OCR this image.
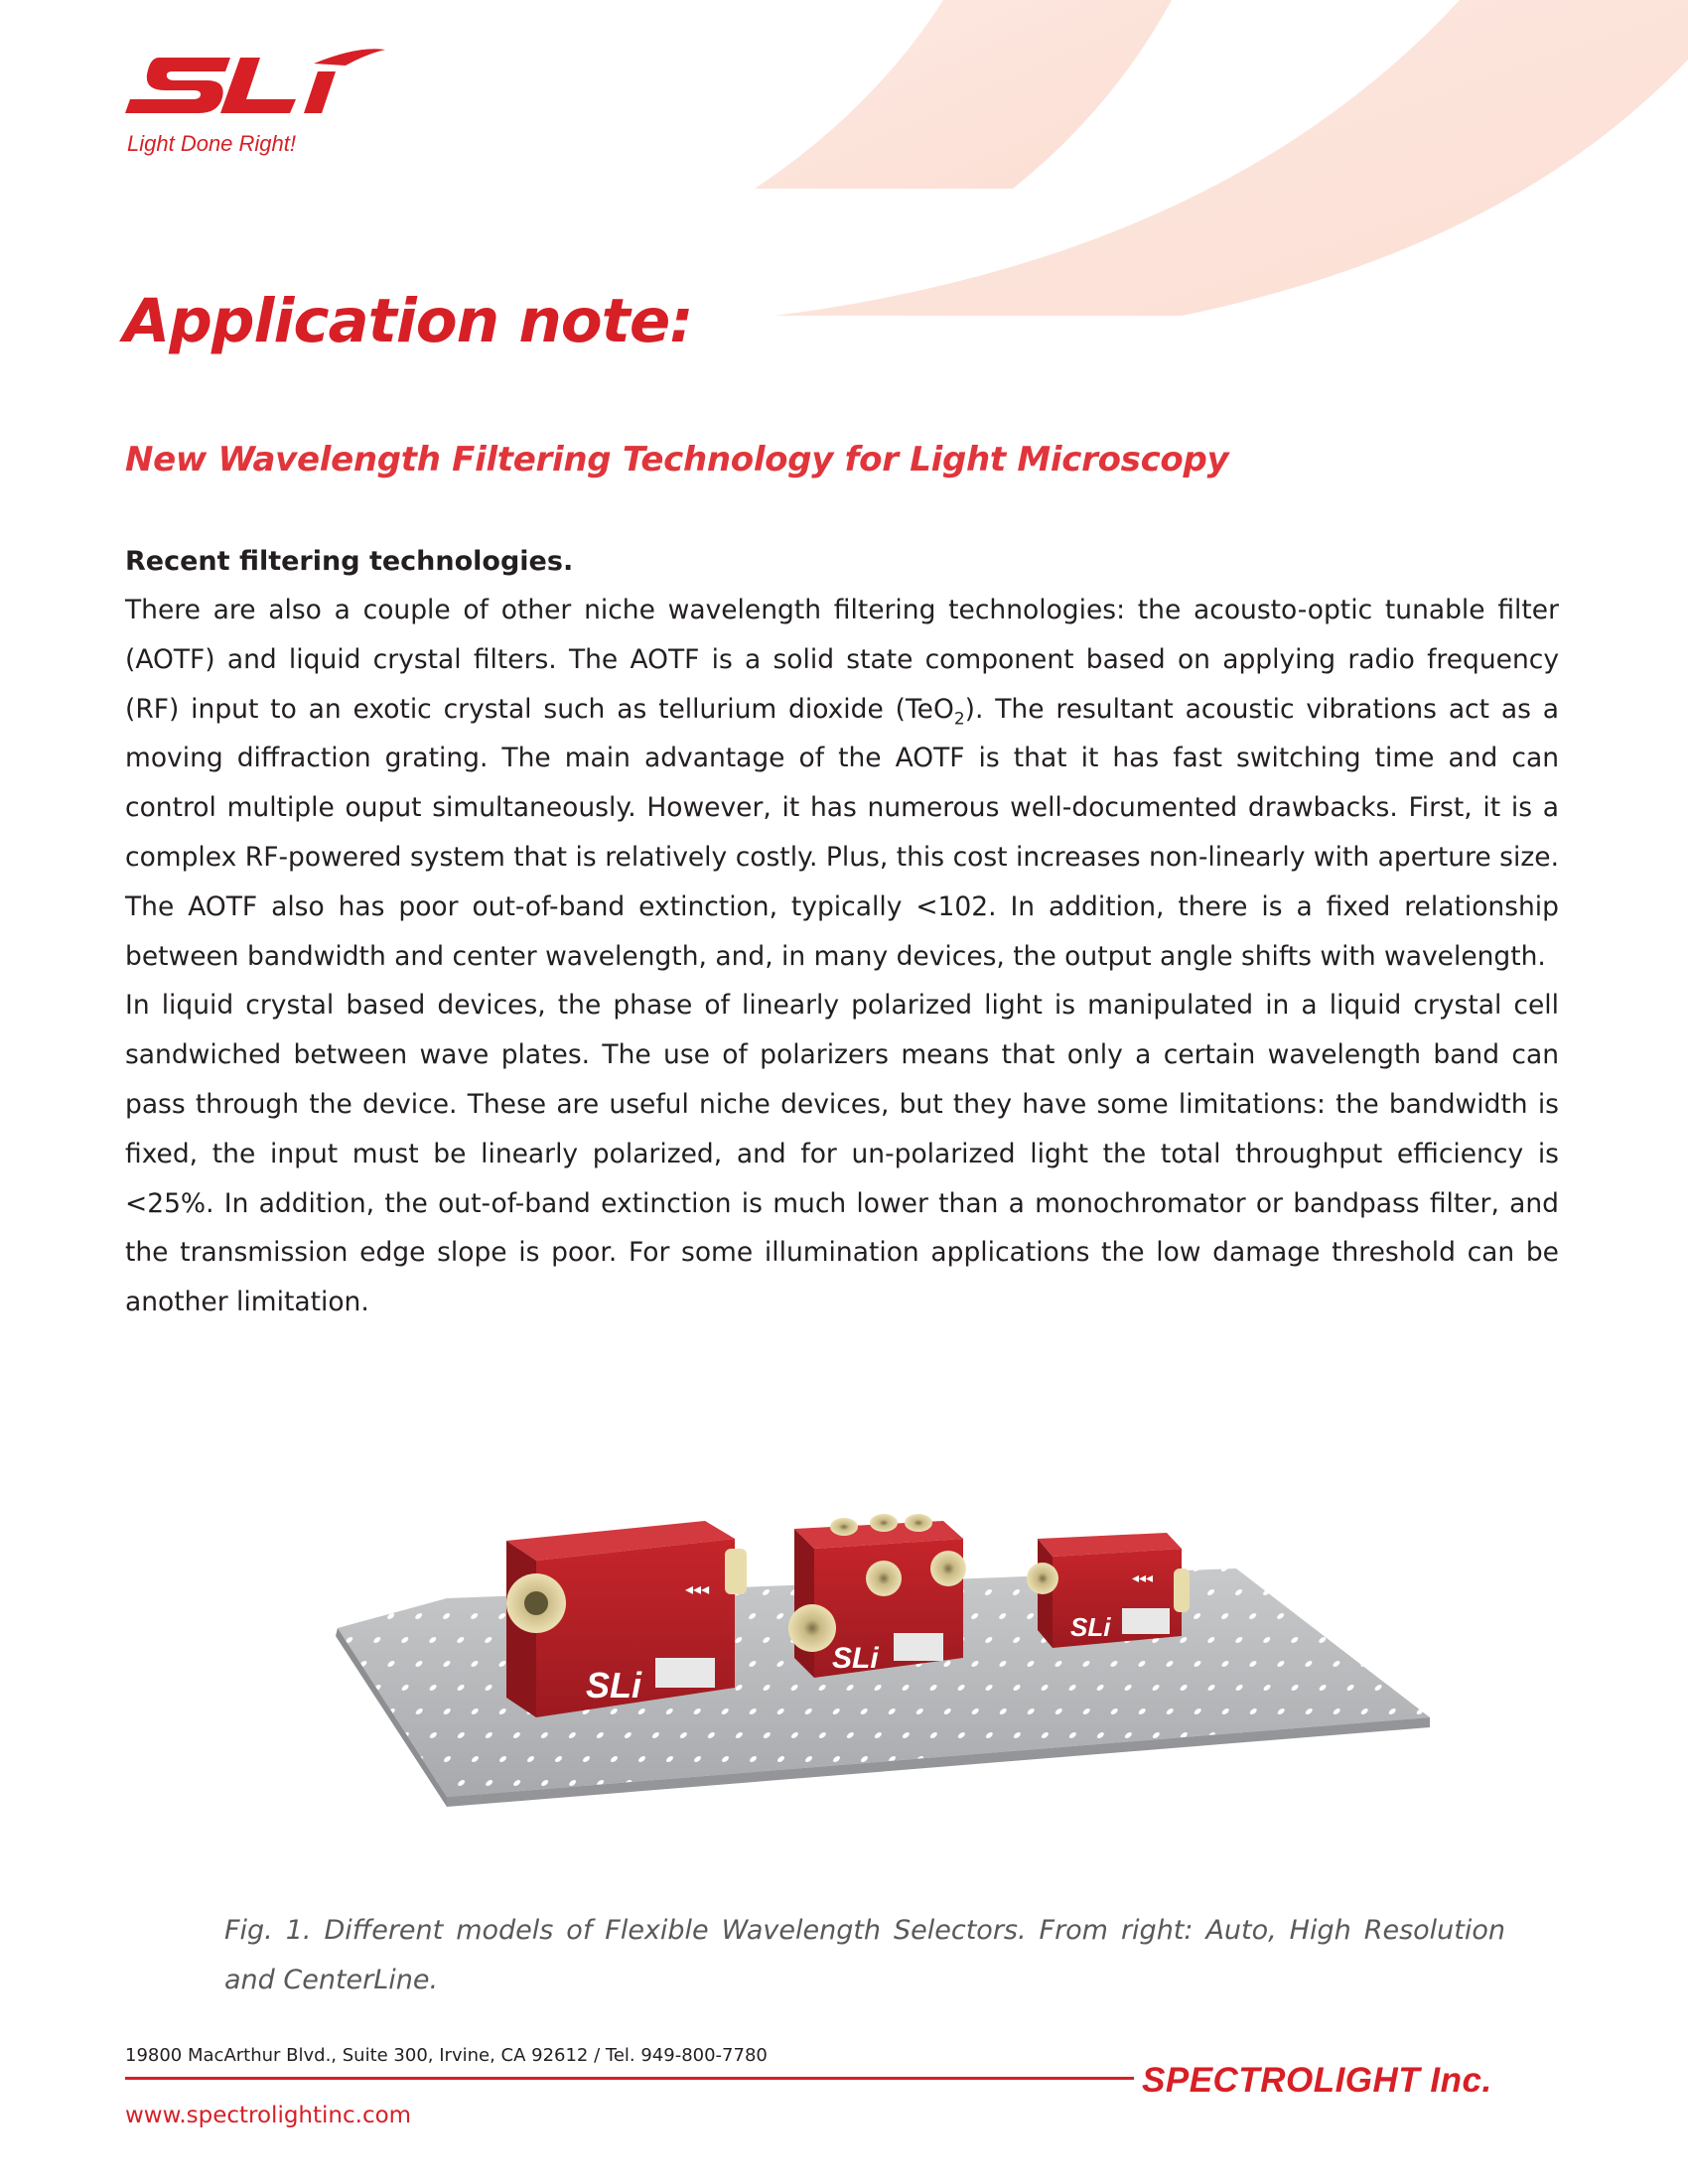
Light Done Right!
Application note:
New Wavelength Filtering Technology for Light Microscopy
Recent filtering technologies.

There are also a couple of other niche wavelength filtering technologies: the acousto-optic tunable filter (AOTF) and liquid crystal filters. The AOTF is a solid state component based on applying radio frequency (RF) input to an exotic crystal such as tellurium dioxide (TeO$_2$). The resultant acoustic vibrations act as a moving diffraction grating. The main advantage of the AOTF is that it has fast switching time and can control multiple ouput simultaneously. However, it has numerous well-documented drawbacks. First, it is a complex RF-powered system that is relatively costly. Plus, this cost increases non-linearly with aperture size. The AOTF also has poor out-of-band extinction, typically <102. In addition, there is a fixed relationship between bandwidth and center wavelength, and, in many devices, the output angle shifts with wavelength.

In liquid crystal based devices, the phase of linearly polarized light is manipulated in a liquid crystal cell sandwiched between wave plates. The use of polarizers means that only a certain wavelength band can pass through the device. These are useful niche devices, but they have some limitations: the bandwidth is fixed, the input must be linearly polarized, and for un-polarized light the total throughput efficiency is <25%. In addition, the out-of-band extinction is much lower than a monochromator or bandpass filter, and the transmission edge slope is poor. For some illumination applications the low damage threshold can be another limitation.

SLi
◂◂◂
SLi
SLi
◂◂◂

Fig. 1. Different models of Flexible Wavelength Selectors. From right: Auto, High Resolution and CenterLine.

19800 MacArthur Blvd., Suite 300, Irvine, CA 92612 / Tel. 949-800-7780
SPECTROLIGHT Inc.
www.spectrolightinc.com
